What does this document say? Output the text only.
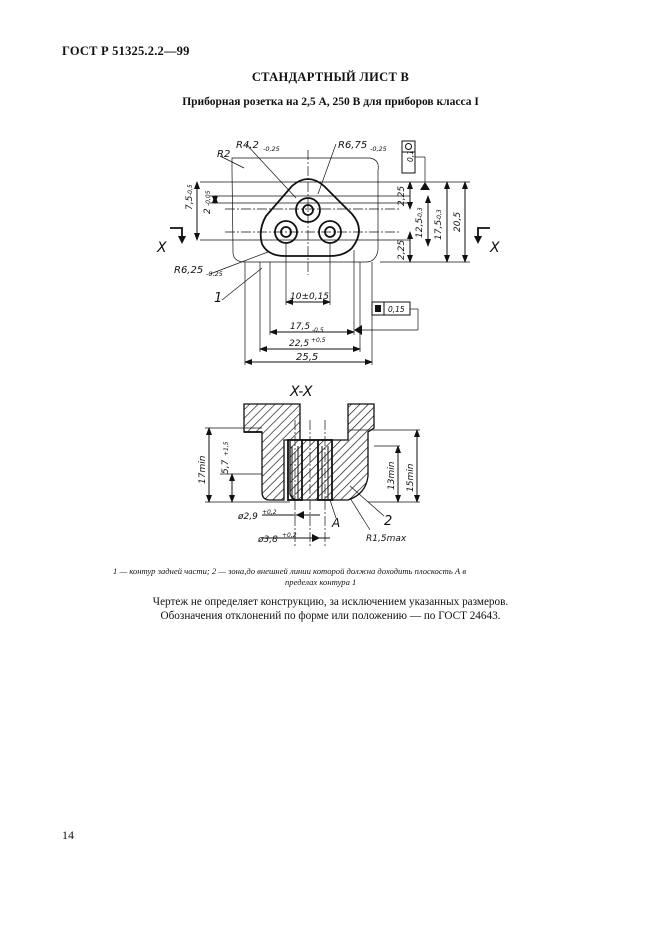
ГОСТ Р 51325.2.2—99
СТАНДАРТНЫЙ ЛИСТ В
Приборная розетка на 2,5 А, 250 В для приборов класса I
R4,2 -0,25	R6,75 -0,25
R2
R6,25 -0,25
1
X	X
7,5
-0,5
2
-0,05	2,25
2,25
12,5
-0,3
17,5
-0,3 20,5
10±0,15
17,5 -0,5
22,5 +0,5
25,5
0,1
0,15
X-X
17min 5,7
+1,5
13min 15min
ø2,9 +0,2
ø3,8 +0,2
A	2
R1,5max
1 — контур задней части; 2 — зона,до внешней линии которой должна доходить плоскость А в
пределах контура 1
Чертеж не определяет конструкцию, за исключением указанных размеров.
Обозначения отклонений по форме или положению — по ГОСТ 24643.
14
